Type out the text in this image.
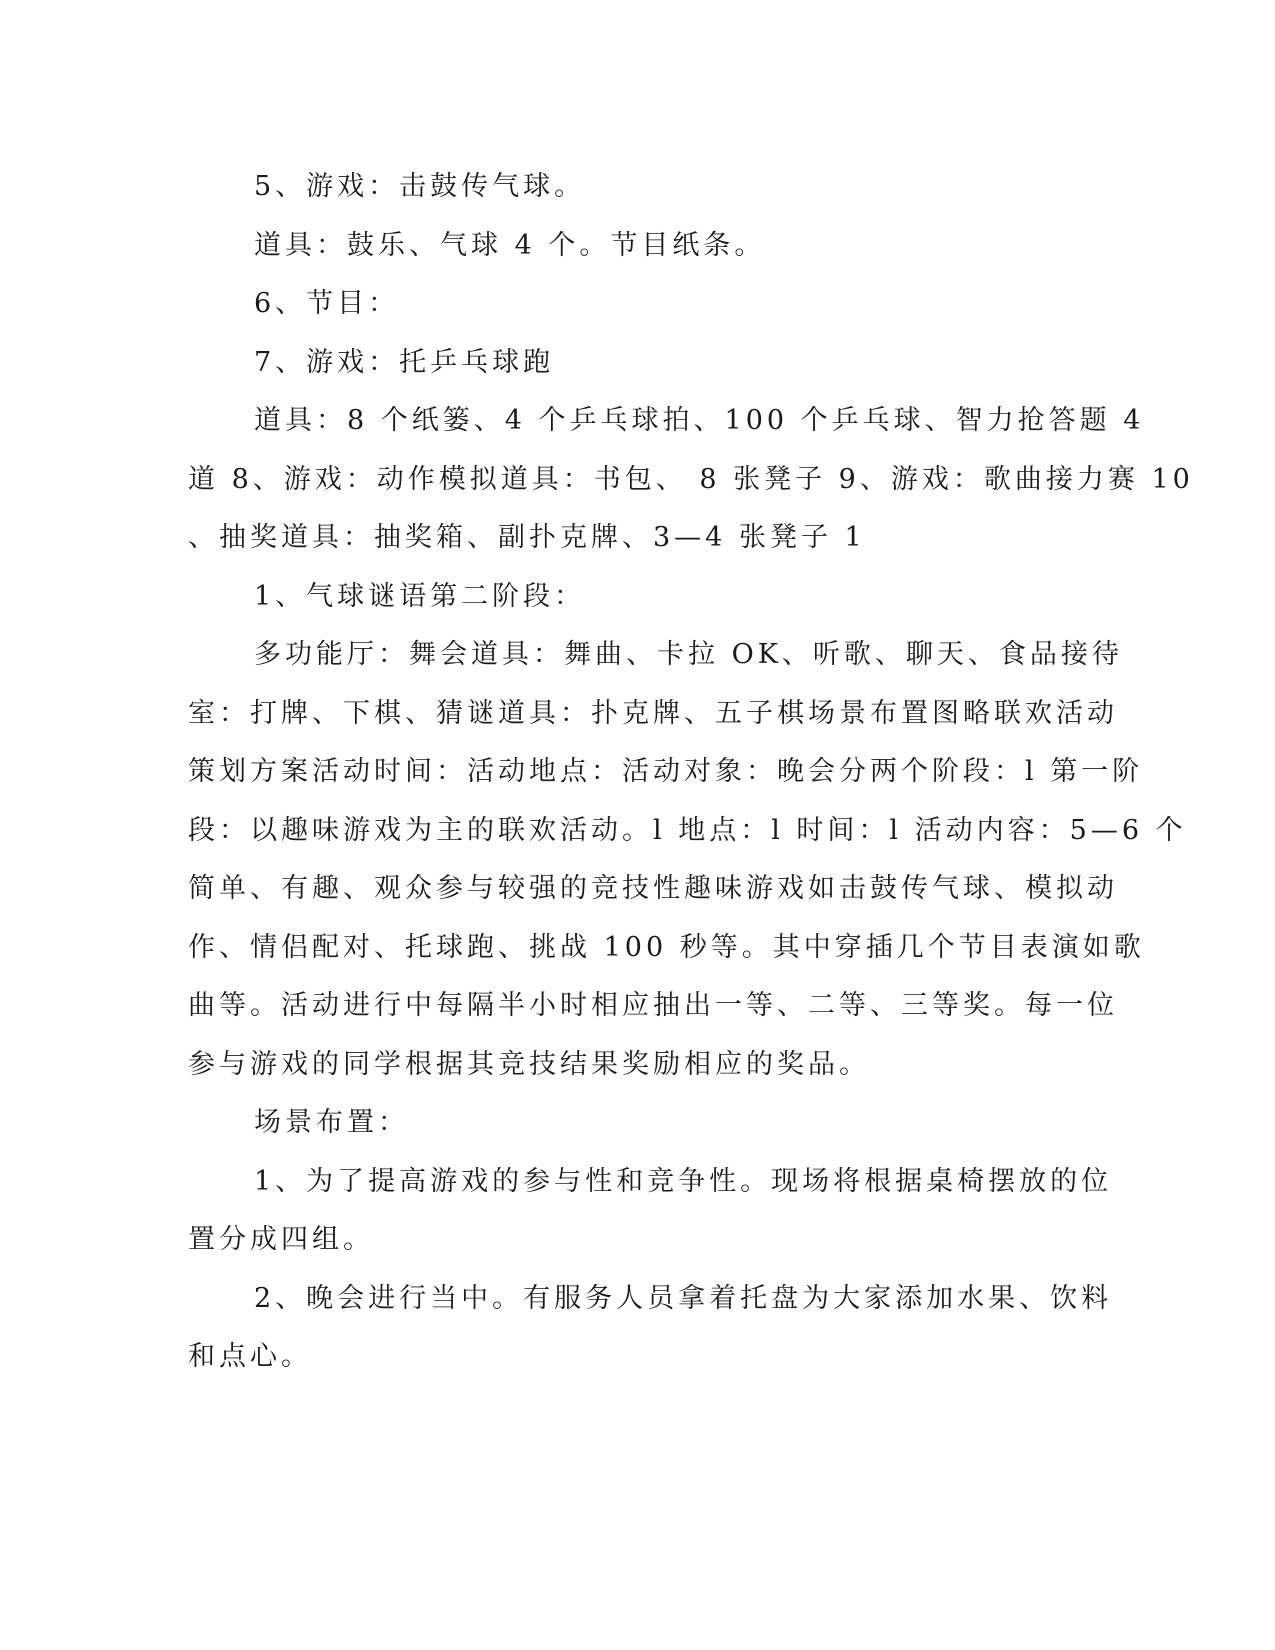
5、游戏：击鼓传气球。
道具：鼓乐、气球 4 个。节目纸条。
6、节目：
7、游戏：托乒乓球跑
道具：8 个纸篓、4 个乒乓球拍、100 个乒乓球、智力抢答题 4
道 8、游戏：动作模拟道具：书包、 8 张凳子 9、游戏：歌曲接力赛 10
、抽奖道具：抽奖箱、副扑克牌、3—4 张凳子 1
1、气球谜语第二阶段：
多功能厅：舞会道具：舞曲、卡拉 OK、听歌、聊天、食品接待
室：打牌、下棋、猜谜道具：扑克牌、五子棋场景布置图略联欢活动
策划方案活动时间：活动地点：活动对象：晚会分两个阶段：l 第一阶
段：以趣味游戏为主的联欢活动。l 地点：l 时间：l 活动内容：5—6 个
简单、有趣、观众参与较强的竞技性趣味游戏如击鼓传气球、模拟动
作、情侣配对、托球跑、挑战 100 秒等。其中穿插几个节目表演如歌
曲等。活动进行中每隔半小时相应抽出一等、二等、三等奖。每一位
参与游戏的同学根据其竞技结果奖励相应的奖品。
场景布置：
1、为了提高游戏的参与性和竞争性。现场将根据桌椅摆放的位
置分成四组。
2、晚会进行当中。有服务人员拿着托盘为大家添加水果、饮料
和点心。
